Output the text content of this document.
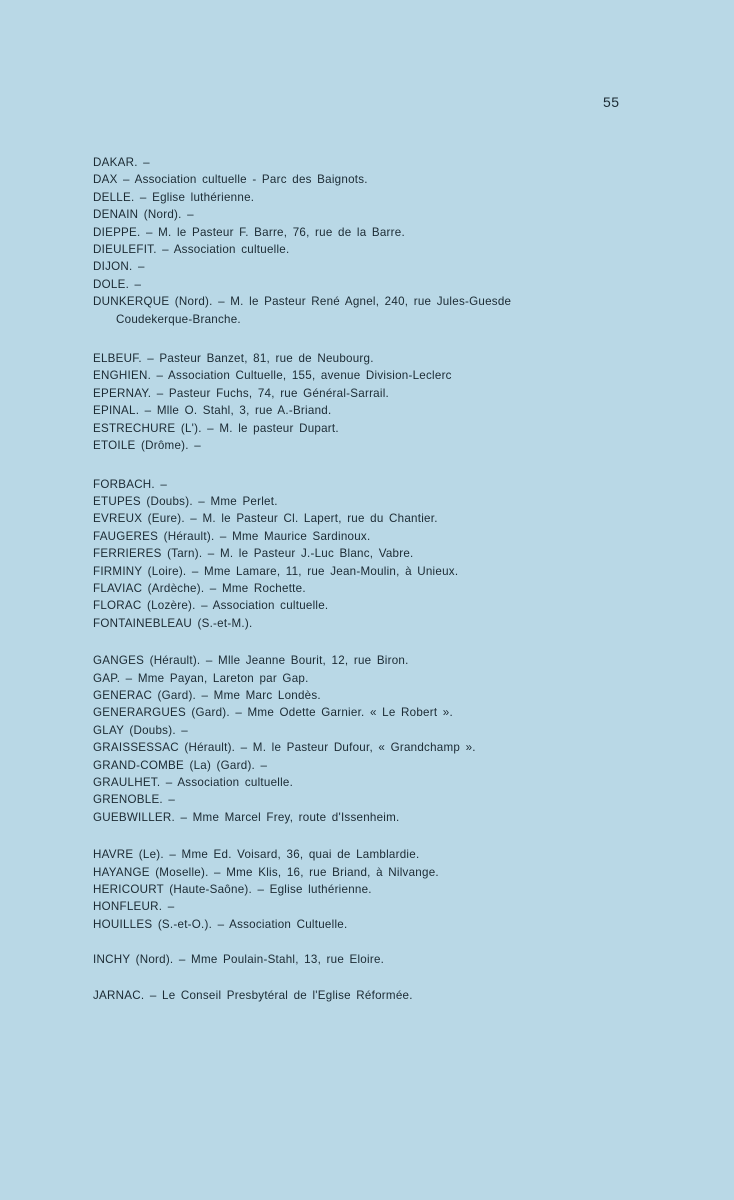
55
DAKAR. –
DAX – Association cultuelle - Parc des Baignots.
DELLE. – Eglise luthérienne.
DENAIN (Nord). –
DIEPPE. – M. le Pasteur F. Barre, 76, rue de la Barre.
DIEULEFIT. – Association cultuelle.
DIJON. –
DOLE. –
DUNKERQUE (Nord). – M. le Pasteur René Agnel, 240, rue Jules-Guesde
Coudekerque-Branche.
ELBEUF. – Pasteur Banzet, 81, rue de Neubourg.
ENGHIEN. – Association Cultuelle, 155, avenue Division-Leclerc
EPERNAY. – Pasteur Fuchs, 74, rue Général-Sarrail.
EPINAL. – Mlle O. Stahl, 3, rue A.-Briand.
ESTRECHURE (L'). – M. le pasteur Dupart.
ETOILE (Drôme). –
FORBACH. –
ETUPES (Doubs). – Mme Perlet.
EVREUX (Eure). – M. le Pasteur Cl. Lapert, rue du Chantier.
FAUGERES (Hérault). – Mme Maurice Sardinoux.
FERRIERES (Tarn). – M. le Pasteur J.-Luc Blanc, Vabre.
FIRMINY (Loire). – Mme Lamare, 11, rue Jean-Moulin, à Unieux.
FLAVIAC (Ardèche). – Mme Rochette.
FLORAC (Lozère). – Association cultuelle.
FONTAINEBLEAU (S.-et-M.).
GANGES (Hérault). – Mlle Jeanne Bourit, 12, rue Biron.
GAP. – Mme Payan, Lareton par Gap.
GENERAC (Gard). – Mme Marc Londès.
GENERARGUES (Gard). – Mme Odette Garnier. « Le Robert ».
GLAY (Doubs). –
GRAISSESSAC (Hérault). – M. le Pasteur Dufour, « Grandchamp ».
GRAND-COMBE (La) (Gard). –
GRAULHET. – Association cultuelle.
GRENOBLE. –
GUEBWILLER. – Mme Marcel Frey, route d'Issenheim.
HAVRE (Le). – Mme Ed. Voisard, 36, quai de Lamblardie.
HAYANGE (Moselle). – Mme Klis, 16, rue Briand, à Nilvange.
HERICOURT (Haute-Saône). – Eglise luthérienne.
HONFLEUR. –
HOUILLES (S.-et-O.). – Association Cultuelle.
INCHY (Nord). – Mme Poulain-Stahl, 13, rue Eloire.
JARNAC. – Le Conseil Presbytéral de l'Eglise Réformée.
